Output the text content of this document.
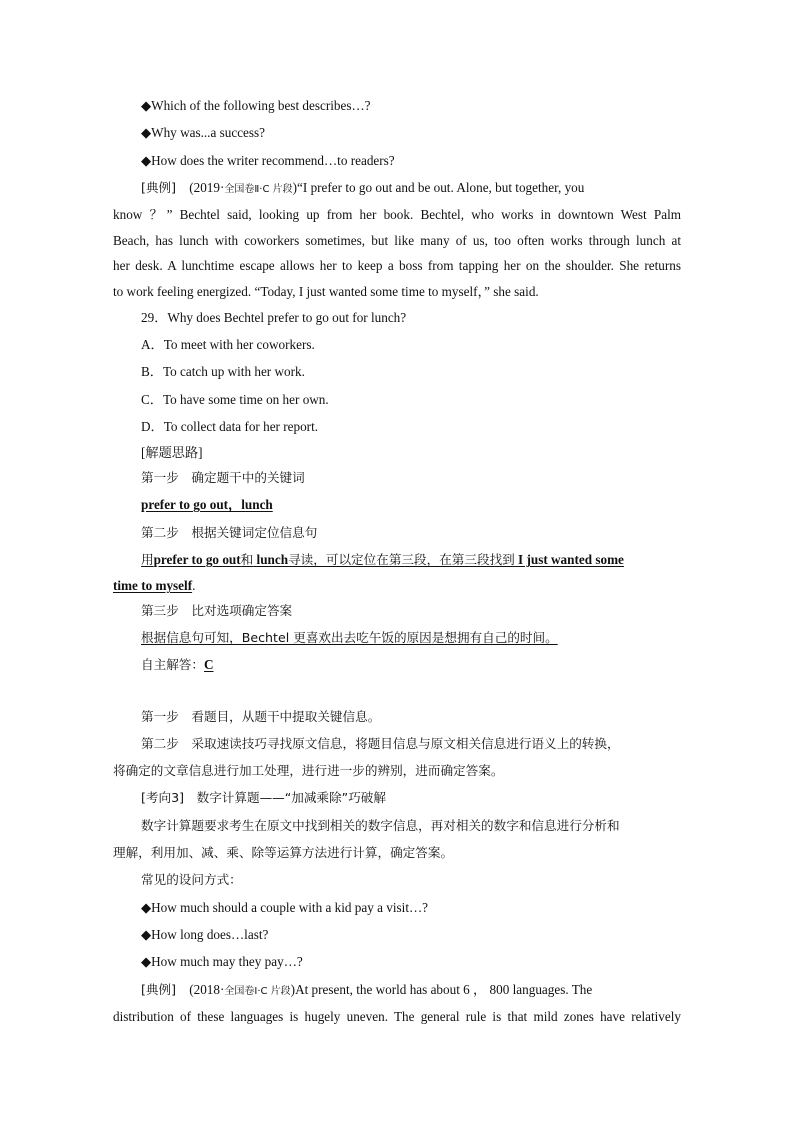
◆Which of the following best describes…?
◆Why was...a success?
◆How does the writer recommend…to readers?
[典例] (2019·全国卷Ⅱ·C 片段)“I prefer to go out and be out. Alone, but together, you
know ？” Bechtel said, looking up from her book. Bechtel, who works in downtown West Palm
Beach, has lunch with coworkers sometimes, but like many of us, too often works through lunch at
her desk. A lunchtime escape allows her to keep a boss from tapping her on the shoulder. She returns
to work feeling energized. “Today, I just wanted some time to myself，” she said.
29．Why does Bechtel prefer to go out for lunch?
A．To meet with her coworkers.
B．To catch up with her work.
C．To have some time on her own.
D．To collect data for her report.
[解题思路]
第一步　确定题干中的关键词
prefer to go out，lunch
第二步　根据关键词定位信息句
用prefer to go out和 lunch寻读，可以定位在第三段，在第三段找到 I just wanted some
time to myself.
第三步　比对选项确定答案
根据信息句可知，Bechtel 更喜欢出去吃午饭的原因是想拥有自己的时间。
自主解答：C
第一步　看题目，从题干中提取关键信息。
第二步　采取速读技巧寻找原文信息，将题目信息与原文相关信息进行语义上的转换，
将确定的文章信息进行加工处理，进行进一步的辨别，进而确定答案。
[考向3]　数字计算题——“加减乘除”巧破解
数字计算题要求考生在原文中找到相关的数字信息，再对相关的数字和信息进行分析和
理解，利用加、减、乘、除等运算方法进行计算，确定答案。
常见的设问方式：
◆How much should a couple with a kid pay a visit…?
◆How long does…last?
◆How much may they pay…?
[典例] (2018·全国卷Ⅰ·C 片段)At present, the world has about 6 ， 800 languages. The
distribution of these languages is hugely uneven. The general rule is that mild zones have relatively
